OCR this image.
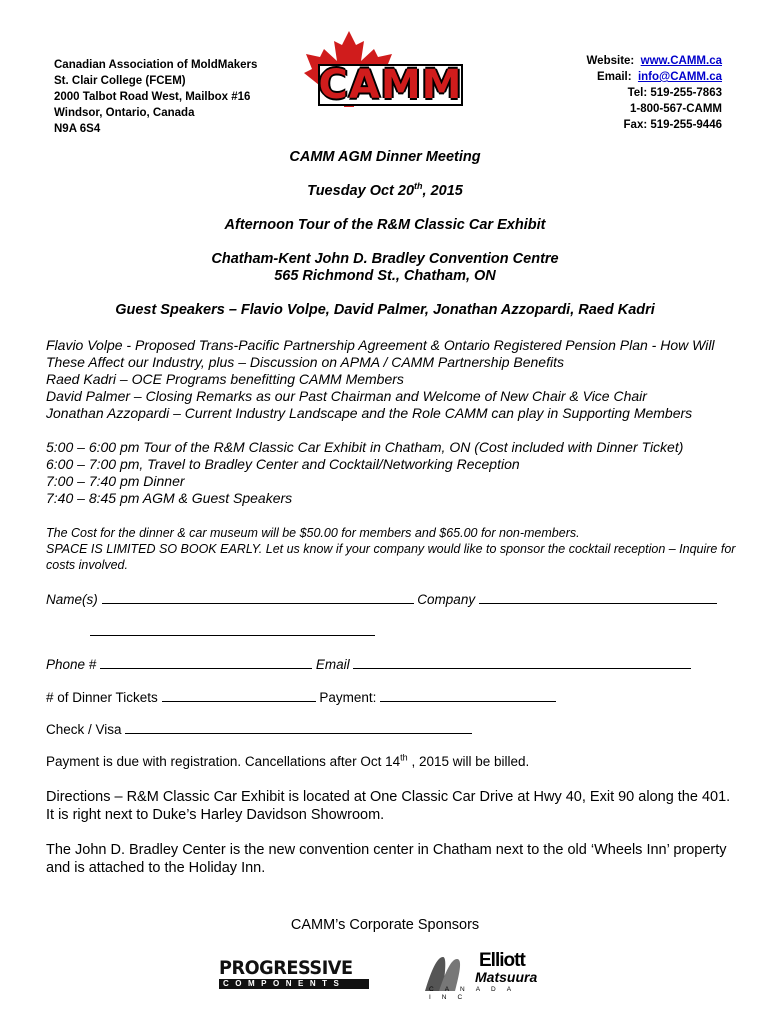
Canadian Association of MoldMakers
St. Clair College (FCEM)
2000 Talbot Road West, Mailbox #16
Windsor, Ontario, Canada
N9A 6S4
CAMM
Website: www.CAMM.ca
Email: info@CAMM.ca
Tel: 519-255-7863
1-800-567-CAMM
Fax: 519-255-9446
CAMM AGM Dinner Meeting
Tuesday Oct 20th, 2015
Afternoon Tour of the R&M Classic Car Exhibit
Chatham-Kent John D. Bradley Convention Centre
565 Richmond St., Chatham, ON
Guest Speakers – Flavio Volpe, David Palmer, Jonathan Azzopardi, Raed Kadri
Flavio Volpe - Proposed Trans-Pacific Partnership Agreement & Ontario Registered Pension Plan - How Will These Affect our Industry, plus – Discussion on APMA / CAMM Partnership Benefits
Raed Kadri – OCE Programs benefitting CAMM Members
David Palmer – Closing Remarks as our Past Chairman and Welcome of New Chair & Vice Chair
Jonathan Azzopardi – Current Industry Landscape and the Role CAMM can play in Supporting Members
5:00 – 6:00 pm Tour of the R&M Classic Car Exhibit in Chatham, ON (Cost included with Dinner Ticket)
6:00 – 7:00 pm, Travel to Bradley Center and Cocktail/Networking Reception
7:00 – 7:40 pm Dinner
7:40 – 8:45 pm AGM & Guest Speakers
The Cost for the dinner & car museum will be $50.00 for members and $65.00 for non-members.
SPACE IS LIMITED SO BOOK EARLY. Let us know if your company would like to sponsor the cocktail reception – Inquire for costs involved.
Name(s)	Company
Phone #	Email
# of Dinner Tickets	Payment:
Check / Visa
Payment is due with registration. Cancellations after Oct 14th , 2015 will be billed.
Directions – R&M Classic Car Exhibit is located at One Classic Car Drive at Hwy 40, Exit 90 along the 401. It is right next to Duke’s Harley Davidson Showroom.
The John D. Bradley Center is the new convention center in Chatham next to the old ‘Wheels Inn’ property and is attached to the Holiday Inn.
CAMM’s Corporate Sponsors
PROGRESSIVE
COMPONENTS
Elliott
Matsuura
CANADA INC
